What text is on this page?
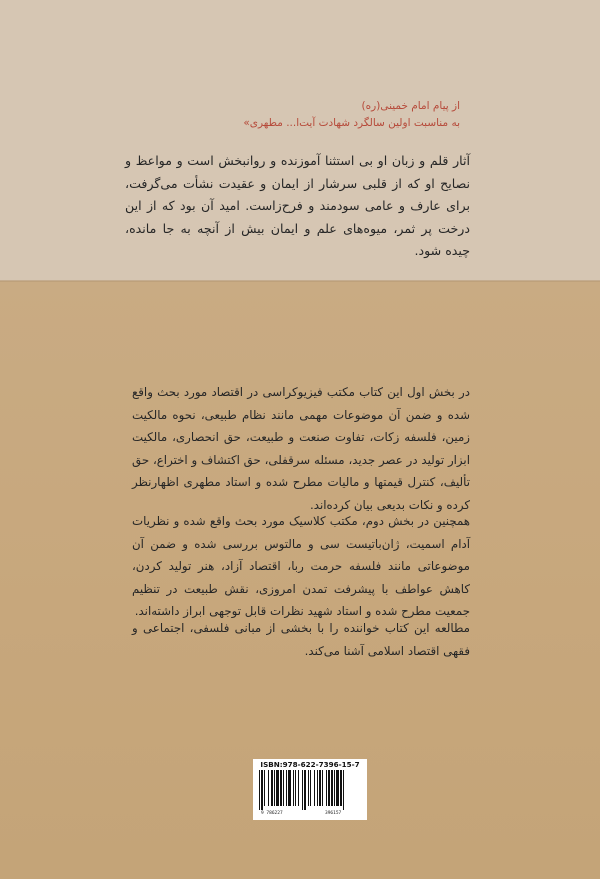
از پیام امام خمینی(ره)
به مناسبت اولین سالگرد شهادت آیت‌ا... مطهری»

آثار قلم و زبان او بی استثنا آموزنده و روانبخش است و مواعظ و نصایح او که از قلبی سرشار از ایمان و عقیدت نشأت می‌گرفت، برای عارف و عامی سودمند و فرح‌زاست. امید آن بود که از این درخت پر ثمر، میوه‌های علم و ایمان بیش از آنچه به جا مانده، چیده شود.

در بخش اول این کتاب مکتب فیزیوکراسی در اقتصاد مورد بحث واقع شده و ضمن آن موضوعات مهمی مانند نظام طبیعی، نحوه مالکیت زمین، فلسفه زکات، تفاوت صنعت و طبیعت، حق انحصاری، مالکیت ابزار تولید در عصر جدید، مسئله سرقفلی، حق اکتشاف و اختراع، حق تألیف، کنترل قیمتها و مالیات مطرح شده و استاد مطهری اظهارنظر کرده و نکات بدیعی بیان کرده‌اند.

همچنین در بخش دوم، مکتب کلاسیک مورد بحث واقع شده و نظریات آدام اسمیت، ژان‌باتیست سی و مالتوس بررسی شده و ضمن آن موضوعاتی مانند فلسفه حرمت ربا، اقتصاد آزاد، هنر تولید کردن، کاهش عواطف با پیشرفت تمدن امروزی، نقش طبیعت در تنظیم جمعیت مطرح شده و استاد شهید نظرات قابل توجهی ابراز داشته‌اند.

مطالعه این کتاب خواننده را با بخشی از مبانی فلسفی، اجتماعی و فقهی اقتصاد اسلامی آشنا می‌کند.

ISBN:978-622-7396-15-7
9 786227	396157
